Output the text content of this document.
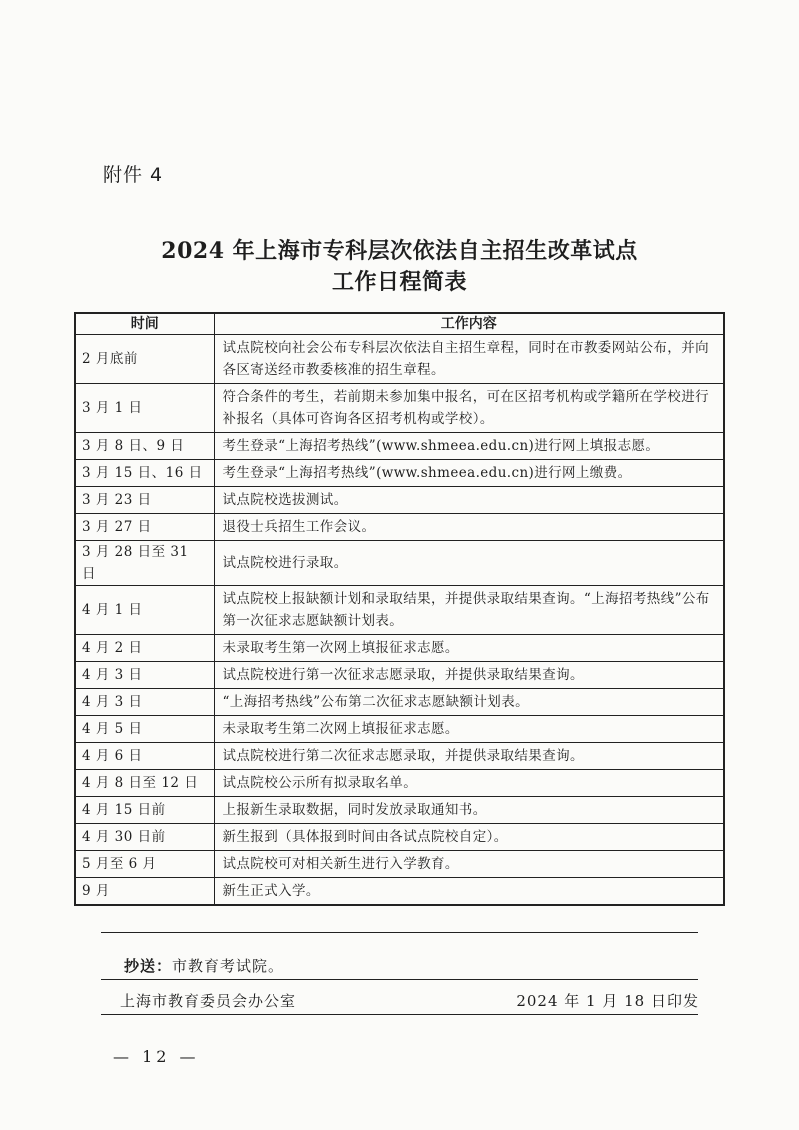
附件 4
2024 年上海市专科层次依法自主招生改革试点
工作日程简表
时间	工作内容
2 月底前	试点院校向社会公布专科层次依法自主招生章程，同时在市教委网站公布，并向各区寄送经市教委核准的招生章程。
3 月 1 日	符合条件的考生，若前期未参加集中报名，可在区招考机构或学籍所在学校进行补报名（具体可咨询各区招考机构或学校）。
3 月 8 日、9 日	考生登录“上海招考热线”(www.shmeea.edu.cn)进行网上填报志愿。
3 月 15 日、16 日	考生登录“上海招考热线”(www.shmeea.edu.cn)进行网上缴费。
3 月 23 日	试点院校选拔测试。
3 月 27 日	退役士兵招生工作会议。
3 月 28 日至 31 日	试点院校进行录取。
4 月 1 日	试点院校上报缺额计划和录取结果，并提供录取结果查询。“上海招考热线”公布第一次征求志愿缺额计划表。
4 月 2 日	未录取考生第一次网上填报征求志愿。
4 月 3 日	试点院校进行第一次征求志愿录取，并提供录取结果查询。
4 月 3 日	“上海招考热线”公布第二次征求志愿缺额计划表。
4 月 5 日	未录取考生第二次网上填报征求志愿。
4 月 6 日	试点院校进行第二次征求志愿录取，并提供录取结果查询。
4 月 8 日至 12 日	试点院校公示所有拟录取名单。
4 月 15 日前	上报新生录取数据，同时发放录取通知书。
4 月 30 日前	新生报到（具体报到时间由各试点院校自定）。
5 月至 6 月	试点院校可对相关新生进行入学教育。
9 月	新生正式入学。
抄送：市教育考试院。
上海市教育委员会办公室	2024 年 1 月 18 日印发
— 12 —
